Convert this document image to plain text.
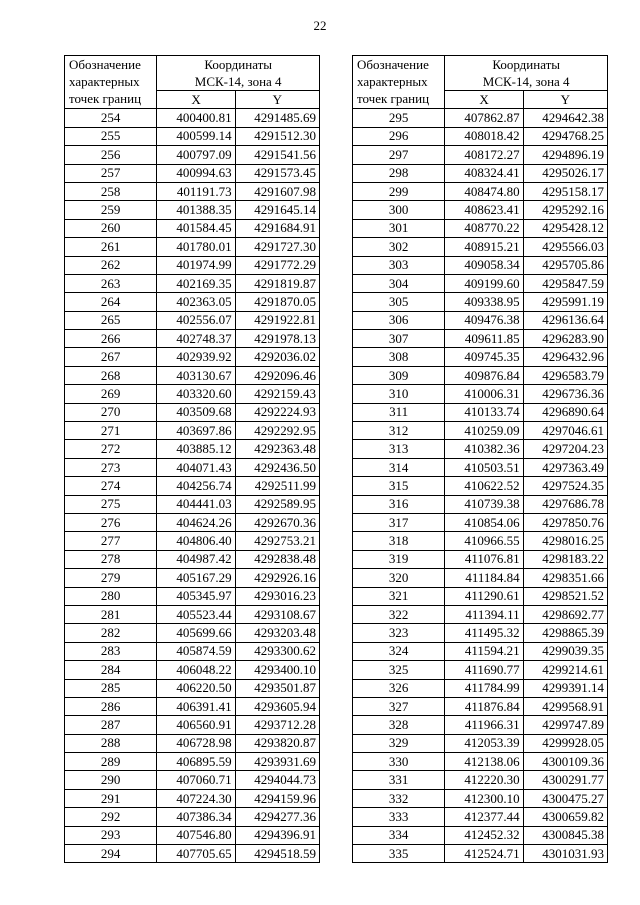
22
Обозначение
характерных
точек границ	Координаты
МСК-14, зона 4	

	X	Y
254	400400.81	4291485.69
255	400599.14	4291512.30
256	400797.09	4291541.56
257	400994.63	4291573.45
258	401191.73	4291607.98
259	401388.35	4291645.14
260	401584.45	4291684.91
261	401780.01	4291727.30
262	401974.99	4291772.29
263	402169.35	4291819.87
264	402363.05	4291870.05
265	402556.07	4291922.81
266	402748.37	4291978.13
267	402939.92	4292036.02
268	403130.67	4292096.46
269	403320.60	4292159.43
270	403509.68	4292224.93
271	403697.86	4292292.95
272	403885.12	4292363.48
273	404071.43	4292436.50
274	404256.74	4292511.99
275	404441.03	4292589.95
276	404624.26	4292670.36
277	404806.40	4292753.21
278	404987.42	4292838.48
279	405167.29	4292926.16
280	405345.97	4293016.23
281	405523.44	4293108.67
282	405699.66	4293203.48
283	405874.59	4293300.62
284	406048.22	4293400.10
285	406220.50	4293501.87
286	406391.41	4293605.94
287	406560.91	4293712.28
288	406728.98	4293820.87
289	406895.59	4293931.69
290	407060.71	4294044.73
291	407224.30	4294159.96
292	407386.34	4294277.36
293	407546.80	4294396.91
294	407705.65	4294518.59
Обозначение
характерных
точек границ	Координаты
МСК-14, зона 4	

	X	Y
295	407862.87	4294642.38
296	408018.42	4294768.25
297	408172.27	4294896.19
298	408324.41	4295026.17
299	408474.80	4295158.17
300	408623.41	4295292.16
301	408770.22	4295428.12
302	408915.21	4295566.03
303	409058.34	4295705.86
304	409199.60	4295847.59
305	409338.95	4295991.19
306	409476.38	4296136.64
307	409611.85	4296283.90
308	409745.35	4296432.96
309	409876.84	4296583.79
310	410006.31	4296736.36
311	410133.74	4296890.64
312	410259.09	4297046.61
313	410382.36	4297204.23
314	410503.51	4297363.49
315	410622.52	4297524.35
316	410739.38	4297686.78
317	410854.06	4297850.76
318	410966.55	4298016.25
319	411076.81	4298183.22
320	411184.84	4298351.66
321	411290.61	4298521.52
322	411394.11	4298692.77
323	411495.32	4298865.39
324	411594.21	4299039.35
325	411690.77	4299214.61
326	411784.99	4299391.14
327	411876.84	4299568.91
328	411966.31	4299747.89
329	412053.39	4299928.05
330	412138.06	4300109.36
331	412220.30	4300291.77
332	412300.10	4300475.27
333	412377.44	4300659.82
334	412452.32	4300845.38
335	412524.71	4301031.93
